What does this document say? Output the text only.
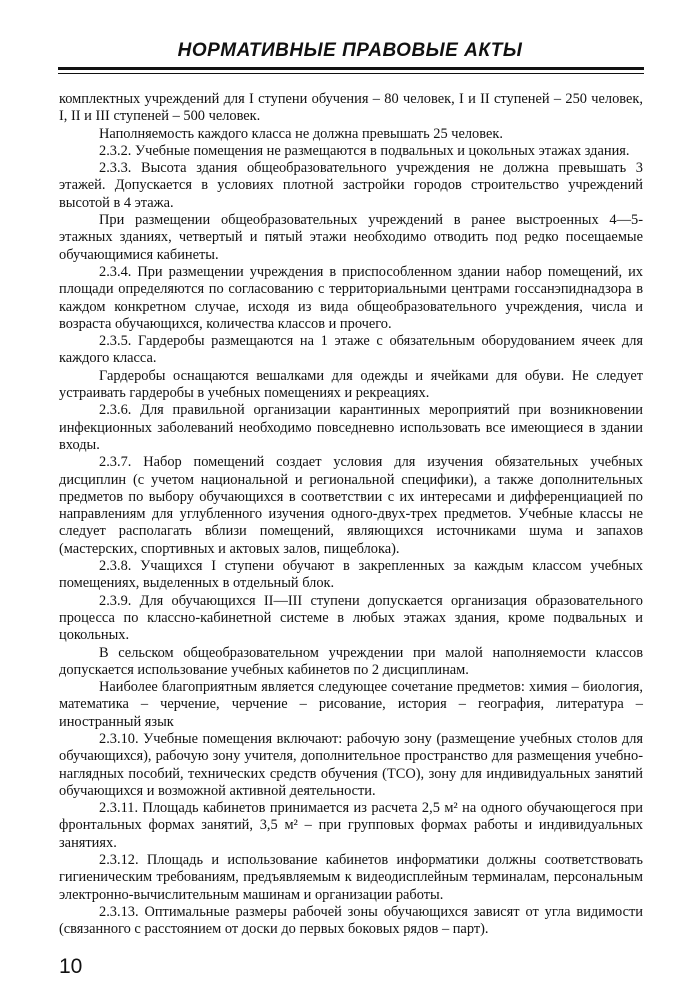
НОРМАТИВНЫЕ ПРАВОВЫЕ АКТЫ

комплектных учреждений для I ступени обучения – 80 человек, I и II ступеней – 250 человек, I, II и III ступеней – 500 человек.

Наполняемость каждого класса не должна превышать 25 человек.

2.3.2. Учебные помещения не размещаются в подвальных и цокольных этажах здания.

2.3.3. Высота здания общеобразовательного учреждения не должна превышать 3 этажей. Допускается в условиях плотной застройки городов строительство учреждений высотой в 4 этажа.

При размещении общеобразовательных учреждений в ранее выстроенных 4—5-этажных зданиях, четвертый и пятый этажи необходимо отводить под редко посещаемые обучающимися кабинеты.

2.3.4. При размещении учреждения в приспособленном здании набор помещений, их площади определяются по согласованию с территориальными центрами госсанэпиднадзора в каждом конкретном случае, исходя из вида общеобразовательного учреждения, числа и возраста обучающихся, количества классов и прочего.

2.3.5. Гардеробы размещаются на 1 этаже с обязательным оборудованием ячеек для каждого класса.

Гардеробы оснащаются вешалками для одежды и ячейками для обуви. Не следует устраивать гардеробы в учебных помещениях и рекреациях.

2.3.6. Для правильной организации карантинных мероприятий при возникновении инфекционных заболеваний необходимо повседневно использовать все имеющиеся в здании входы.

2.3.7. Набор помещений создает условия для изучения обязательных учебных дисциплин (с учетом национальной и региональной специфики), а также дополнительных предметов по выбору обучающихся в соответствии с их интересами и дифференциацией по направлениям для углубленного изучения одного-двух-трех предметов. Учебные классы не следует располагать вблизи помещений, являющихся источниками шума и запахов (мастерских, спортивных и актовых залов, пищеблока).

2.3.8. Учащихся I ступени обучают в закрепленных за каждым классом учебных помещениях, выделенных в отдельный блок.

2.3.9. Для обучающихся II—III ступени допускается организация образовательного процесса по классно-кабинетной системе в любых этажах здания, кроме подвальных и цокольных.

В сельском общеобразовательном учреждении при малой наполняемости классов допускается использование учебных кабинетов по 2 дисциплинам.

Наиболее благоприятным является следующее сочетание предметов: химия – биология, математика – черчение, черчение – рисование, история – география, литература – иностранный язык

2.3.10. Учебные помещения включают: рабочую зону (размещение учебных столов для обучающихся), рабочую зону учителя, дополнительное пространство для размещения учебно-наглядных пособий, технических средств обучения (ТСО), зону для индивидуальных занятий обучающихся и возможной активной деятельности.

2.3.11. Площадь кабинетов принимается из расчета 2,5 м² на одного обучающегося при фронтальных формах занятий, 3,5 м² – при групповых формах работы и индивидуальных занятиях.

2.3.12. Площадь и использование кабинетов информатики должны соответствовать гигиеническим требованиям, предъявляемым к видеодисплейным терминалам, персональным электронно-вычислительным машинам и организации работы.

2.3.13. Оптимальные размеры рабочей зоны обучающихся зависят от угла видимости (связанного с расстоянием от доски до первых боковых рядов – парт).

10
